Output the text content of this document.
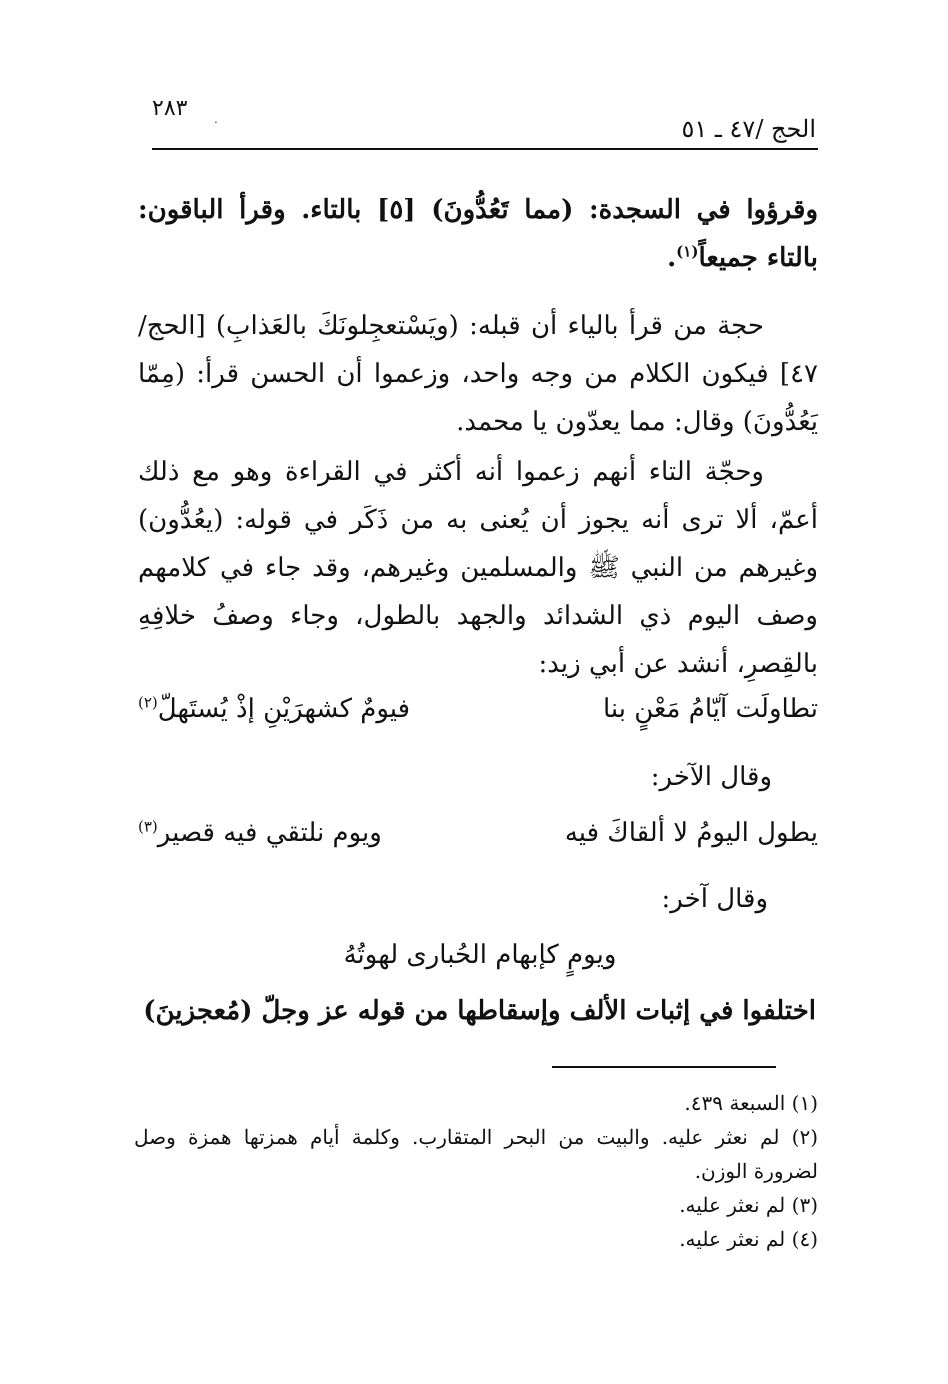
الحج /٤٧ ـ ٥١
٢٨٣ .
وقرؤوا في السجدة: (مما تَعُدُّونَ) [٥] بالتاء. وقرأ الباقون: بالتاء جميعاً$^{(١)}$.
حجة من قرأ بالياء أن قبله: (ويَسْتعجِلونَكَ بالعَذابِ) [الحج/٤٧] فيكون الكلام من وجه واحد، وزعموا أن الحسن قرأ: (مِمّا يَعُدُّونَ) وقال: مما يعدّون يا محمد.
وحجّة التاء أنهم زعموا أنه أكثر في القراءة وهو مع ذلك أعمّ، ألا ترى أنه يجوز أن يُعنى به من ذَكَر في قوله: (يعُدُّون) وغيرهم من النبي ﷺ والمسلمين وغيرهم، وقد جاء في كلامهم وصف اليوم ذي الشدائد والجهد بالطول، وجاء وصفُ خلافِهِ بالقِصرِ، أنشد عن أبي زيد:
تطاولَت آيّامُ مَعْنٍ بنا
فيومٌ كشهرَيْنِ إذْ يُستَهلّ$^{(٢)}$
وقال الآخر:
يطول اليومُ لا ألقاكَ فيه
ويوم نلتقي فيه قصير$^{(٣)}$
وقال آخر:
ويومٍ كإبهام الحُبارى لهوتُهُ
اختلفوا في إثبات الألف وإسقاطها من قوله عز وجلّ (مُعجزينَ)

(١) السبعة ٤٣٩.

(٢) لم نعثر عليه. والبيت من البحر المتقارب. وكلمة أيام همزتها همزة وصل لضرورة الوزن.

(٣) لم نعثر عليه.

(٤) لم نعثر عليه.
